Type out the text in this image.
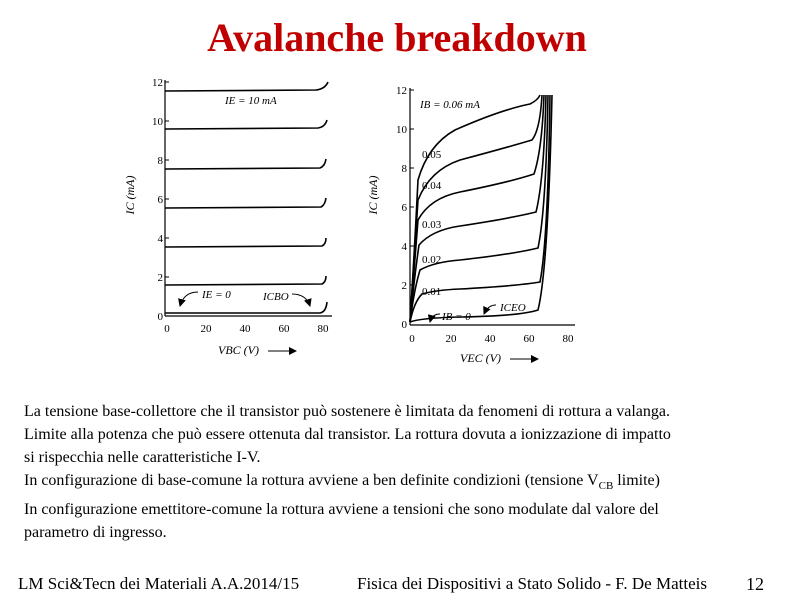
Avalanche breakdown
12
10
8
6
4
2
0
0	20	40	60	80
IC (mA)
VBC (V)
IE = 10 mA
IE = 0	ICBO
12
10
8
6
4
2
0
0	20	40	60	80
IC (mA)
VEC (V)
IB = 0.06 mA
0.05
0.04
0.03
0.02
0.01
IB = 0
ICEO
La tensione base-collettore che il transistor può sostenere è limitata da fenomeni di rottura a valanga.
Limite alla potenza che può essere ottenuta dal transistor. La rottura dovuta a ionizzazione di impatto
si rispecchia nelle caratteristiche I-V.
In configurazione di base-comune la rottura avviene a ben definite condizioni (tensione $V_{CB}$ limite)
In configurazione emettitore-comune la rottura avviene a tensioni che sono modulate dal valore del
parametro di ingresso.
LM Sci&Tecn dei Materiali A.A.2014/15	Fisica dei Dispositivi a Stato Solido - F. De Matteis 12
